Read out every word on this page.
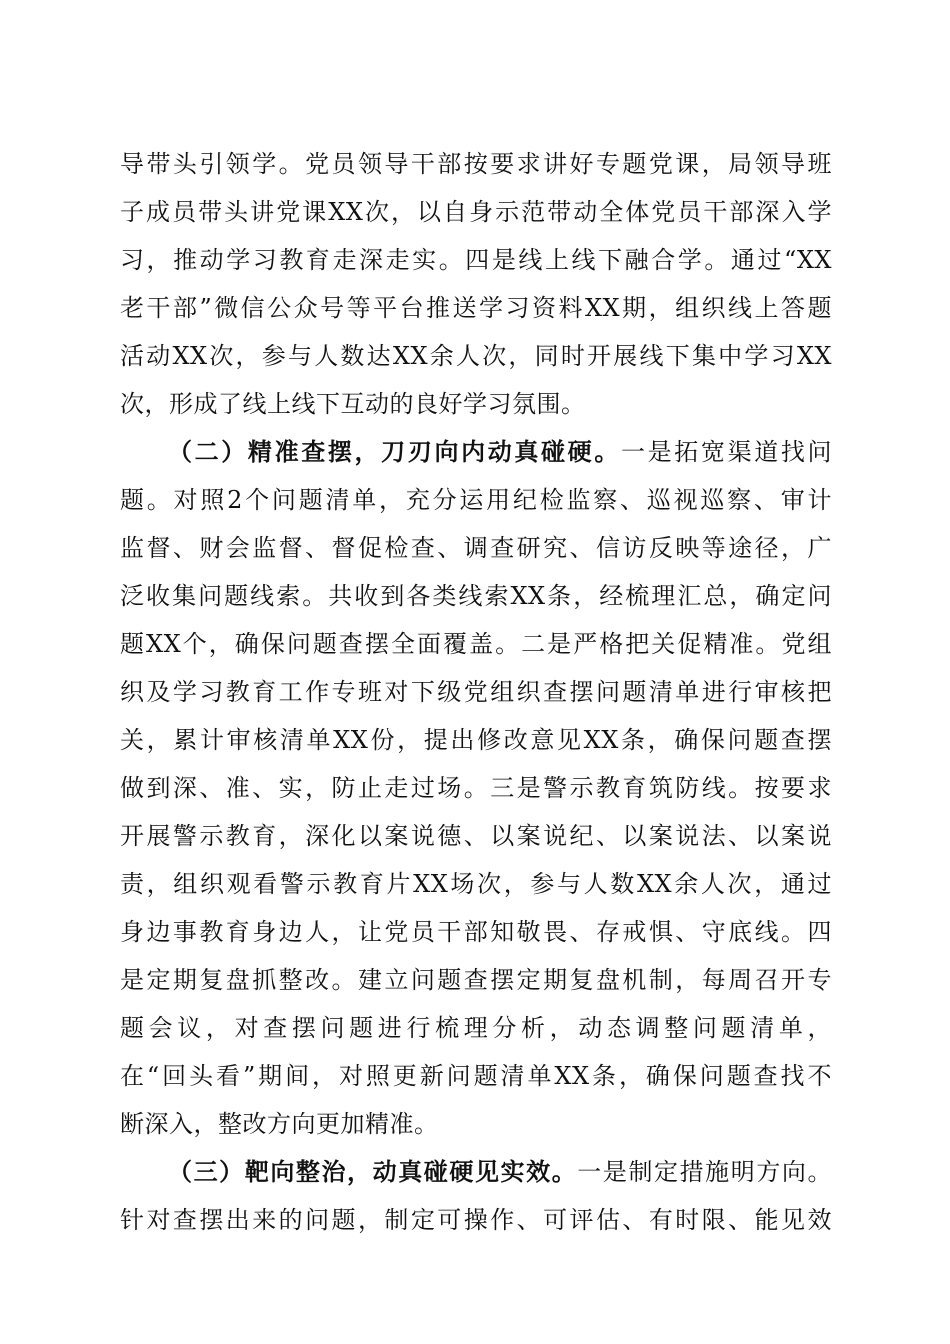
导带头引领学。党员领导干部按要求讲好专题党课，局领导班
子成员带头讲党课XX次，以自身示范带动全体党员干部深入学
习，推动学习教育走深走实。四是线上线下融合学。通过“XX
老干部”微信公众号等平台推送学习资料XX期，组织线上答题
活动XX次，参与人数达XX余人次，同时开展线下集中学习XX
次，形成了线上线下互动的良好学习氛围。
（二）精准查摆，刀刃向内动真碰硬。一是拓宽渠道找问
题。对照2个问题清单，充分运用纪检监察、巡视巡察、审计
监督、财会监督、督促检查、调查研究、信访反映等途径，广
泛收集问题线索。共收到各类线索XX条，经梳理汇总，确定问
题XX个，确保问题查摆全面覆盖。二是严格把关促精准。党组
织及学习教育工作专班对下级党组织查摆问题清单进行审核把
关，累计审核清单XX份，提出修改意见XX条，确保问题查摆
做到深、准、实，防止走过场。三是警示教育筑防线。按要求
开展警示教育，深化以案说德、以案说纪、以案说法、以案说
责，组织观看警示教育片XX场次，参与人数XX余人次，通过
身边事教育身边人，让党员干部知敬畏、存戒惧、守底线。四
是定期复盘抓整改。建立问题查摆定期复盘机制，每周召开专
题会议，对查摆问题进行梳理分析，动态调整问题清单，
在“回头看”期间，对照更新问题清单XX条，确保问题查找不
断深入，整改方向更加精准。
（三）靶向整治，动真碰硬见实效。一是制定措施明方向。
针对查摆出来的问题，制定可操作、可评估、有时限、能见效
